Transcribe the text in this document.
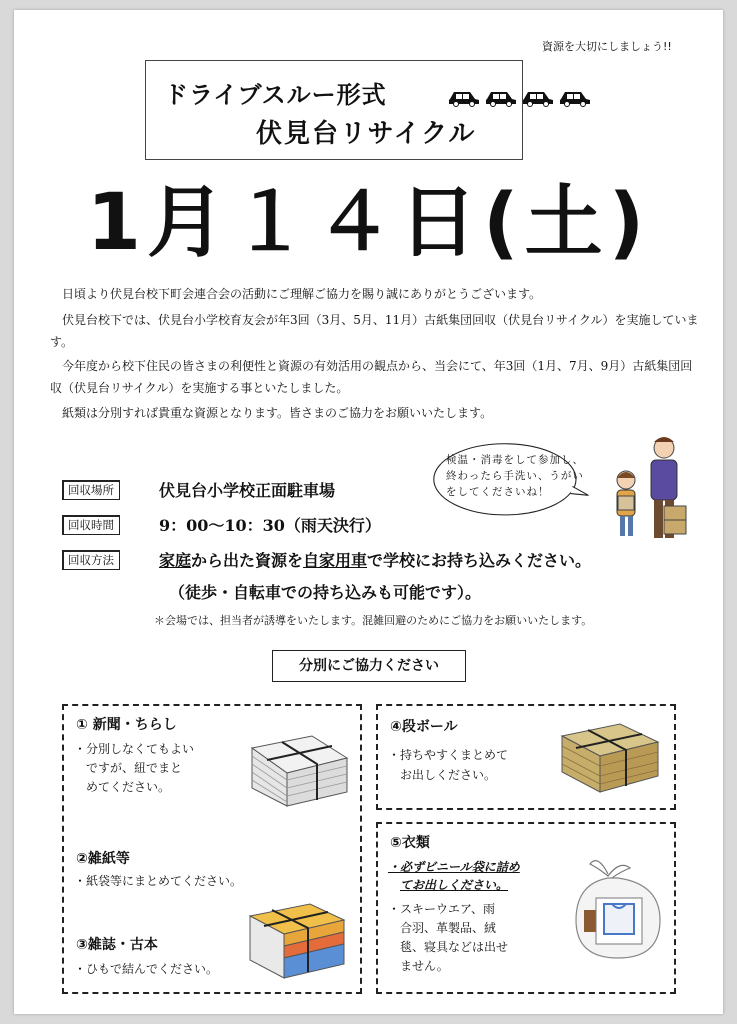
資源を大切にしましょう!!
ドライブスルー形式
伏見台リサイクル
1月１４日(土)
日頃より伏見台校下町会連合会の活動にご理解ご協力を賜り誠にありがとうございます。
伏見台校下では、伏見台小学校育友会が年3回（3月、5月、11月）古紙集団回収（伏見台リサイクル）を実施しています。
今年度から校下住民の皆さまの利便性と資源の有効活用の観点から、当会にて、年3回（1月、7月、9月）古紙集団回収（伏見台リサイクル）を実施する事といたしました。
紙類は分別すれば貴重な資源となります。皆さまのご協力をお願いいたします。
検温・消毒をして参加し、終わったら手洗い、うがいをしてくださいね！
回収場所	伏見台小学校正面駐車場
回収時間	9：00～10：30（雨天決行）
回収方法	家庭から出た資源を自家用車で学校にお持ち込みください。
（徒歩・自転車での持ち込みも可能です）。
＊会場では、担当者が誘導をいたします。混雑回避のためにご協力をお願いいたします。
分別にご協力ください
① 新聞・ちらし
・分別しなくてもよい
ですが、紐でまと
めてください。
②雑紙等
・紙袋等にまとめてください。
③雑誌・古本
・ひもで結んでください。
④段ボール
・持ちやすくまとめて
お出しください。
⑤衣類
・必ずビニール袋に詰め
てお出しください。
・スキーウエア、雨
合羽、革製品、絨
毯、寝具などは出せ
ません。
